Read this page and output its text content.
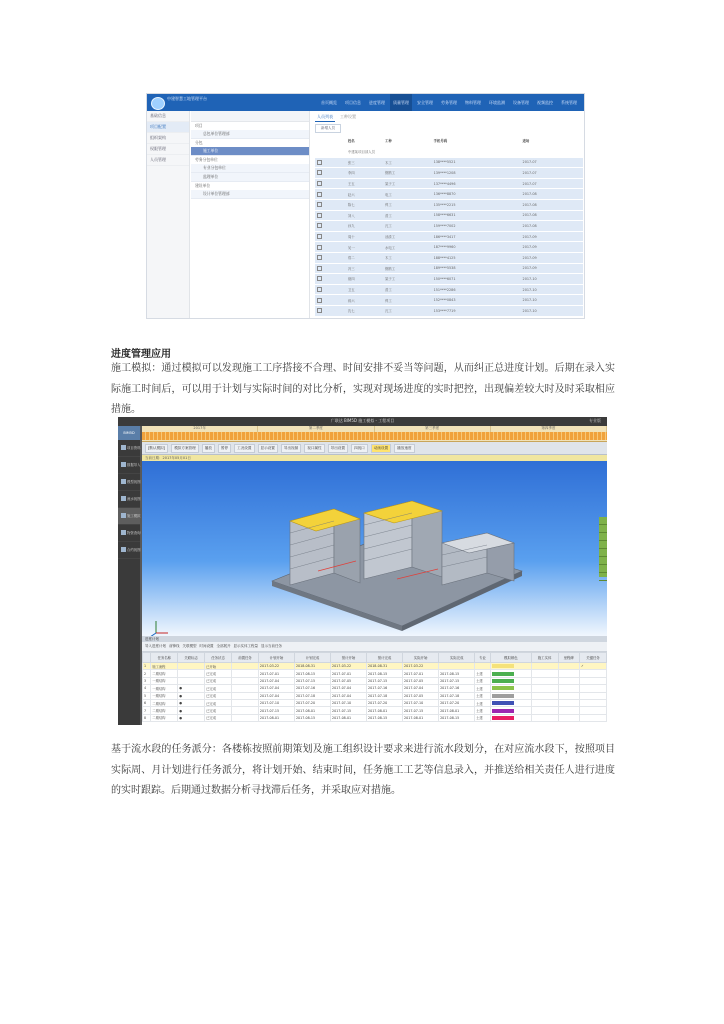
中建智慧工地管理平台
首页概览	项目信息	进度管理	质量管理	安全管理	劳务管理	物料管理	环境监测	设备管理	视频监控	系统管理
基础信息
项目配置
组织架构
权限管理
人员管理
项目
总包单位管理部
分包
施工单位
劳务分包单位
专业分包单位
监理单位
建设单位
设计单位管理部
人员列表	工种设置
新增人员
	姓名	工种	手机号码	进场
	中建某项目部人员			
	张三	木工	138****5521	2017-07
	李四	钢筋工	139****1208	2017-07
	王五	架子工	137****4496	2017-07
	赵六	电工	136****8870	2017-08
	陈七	焊工	135****2215	2017-08
	刘八	普工	158****6631	2017-08
	孙九	瓦工	159****7002	2017-08
	周十	油漆工	186****3417	2017-09
	吴一	水电工	187****9960	2017-09
	郑二	木工	188****4125	2017-09
	冯三	钢筋工	189****5538	2017-09
	褚四	架子工	150****6071	2017-10
	卫五	普工	151****2286	2017-10
	蒋六	焊工	152****0843	2017-10
	沈七	瓦工	153****7719	2017-10
进度管理应用

施工模拟：通过模拟可以发现施工工序搭接不合理、时间安排不妥当等问题，从而纠正总进度计划。后期在录入实际施工时间后，可以用于计划与实际时间的对比分析，实现对现场进度的实时把控，出现偏差较大时及时采取相应措施。

广联达 BIM5D 施工模拟 - 工程项目	专业版
BIM5D
项目资料
数据导入
模型视图
流水视图
施工模拟
物资查询
合约视图
2017年	第二季度	第三季度	第四季度
[默认模拟]	模拟方案管理	播放	暂停	工况设置	显示设置	导出视频	视口属性	导出设置	四视口	动画设置	播放速度
当前日期：2017年05月01日
进度计划
导入进度计划 前锋线 关联模型 时间设置 全部展开 显示实体工程量 显示当前任务
	任务名称	关联标志	任务状态	前置任务	计划开始	计划完成	预计开始	预计完成	实际开始	实际完成	专业	模拟颜色	施工实体	里程碑	关键任务
1	施工流程		已开始		2017-03-22	2018-08-31	2017-03-22	2018-08-31	2017-03-22						✓
2	二期结构		已完成		2017-07-01	2017-08-15	2017-07-01	2017-08-15	2017-07-01	2017-08-15	土建				
3	一期结构		已完成		2017-07-04	2017-07-15	2017-07-05	2017-07-15	2017-07-05	2017-07-15	土建				
4	一期结构	●	已完成		2017-07-04	2017-07-16	2017-07-04	2017-07-16	2017-07-04	2017-07-16	土建				
5	一期结构	●	已完成		2017-07-04	2017-07-18	2017-07-04	2017-07-18	2017-07-05	2017-07-18	土建				
6	二期结构	●	已完成		2017-07-10	2017-07-20	2017-07-10	2017-07-20	2017-07-10	2017-07-20	土建				
7	二期结构	●	已完成		2017-07-15	2017-08-01	2017-07-15	2017-08-01	2017-07-15	2017-08-01	土建				
8	二期结构	●	已完成		2017-08-01	2017-08-15	2017-08-01	2017-08-15	2017-08-01	2017-08-15	土建				

基于流水段的任务派分：各楼栋按照前期策划及施工组织设计要求来进行流水段划分，在对应流水段下，按照项目实际周、月计划进行任务派分，将计划开始、结束时间，任务施工工艺等信息录入，并推送给相关责任人进行进度的实时跟踪。后期通过数据分析寻找滞后任务，并采取应对措施。
